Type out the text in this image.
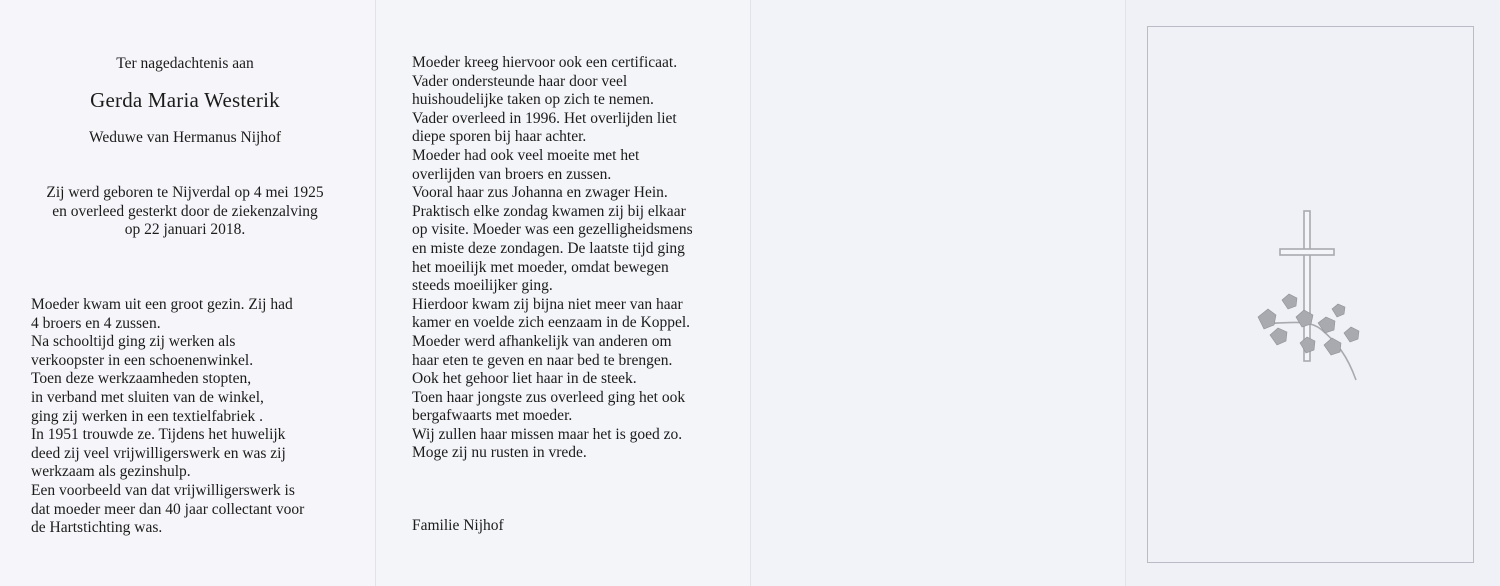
Ter nagedachtenis aan
Gerda Maria Westerik
Weduwe van Hermanus Nijhof
Zij werd geboren te Nijverdal op 4 mei 1925
en overleed gesterkt door de ziekenzalving
op 22 januari 2018.
Moeder kwam uit een groot gezin. Zij had
4 broers en 4 zussen.
Na schooltijd ging zij werken als
verkoopster in een schoenenwinkel.
Toen deze werkzaamheden stopten,
in verband met sluiten van de winkel,
ging zij werken in een textielfabriek .
In 1951 trouwde ze. Tijdens het huwelijk
deed zij veel vrijwilligerswerk en was zij
werkzaam als gezinshulp.
Een voorbeeld van dat vrijwilligerswerk is
dat moeder meer dan 40 jaar collectant voor
de Hartstichting was.
Moeder kreeg hiervoor ook een certificaat.
Vader ondersteunde haar door veel
huishoudelijke taken op zich te nemen.
Vader overleed in 1996. Het overlijden liet
diepe sporen bij haar achter.
Moeder had ook veel moeite met het
overlijden van broers en zussen.
Vooral haar zus Johanna en zwager Hein.
Praktisch elke zondag kwamen zij bij elkaar
op visite. Moeder was een gezelligheidsmens
en miste deze zondagen. De laatste tijd ging
het moeilijk met moeder, omdat bewegen
steeds moeilijker ging.
Hierdoor kwam zij bijna niet meer van haar
kamer en voelde zich eenzaam in de Koppel.
Moeder werd afhankelijk van anderen om
haar eten te geven en naar bed te brengen.
Ook het gehoor liet haar in de steek.
Toen haar jongste zus overleed ging het ook
bergafwaarts met moeder.
Wij zullen haar missen maar het is goed zo.
Moge zij nu rusten in vrede.
Familie Nijhof
